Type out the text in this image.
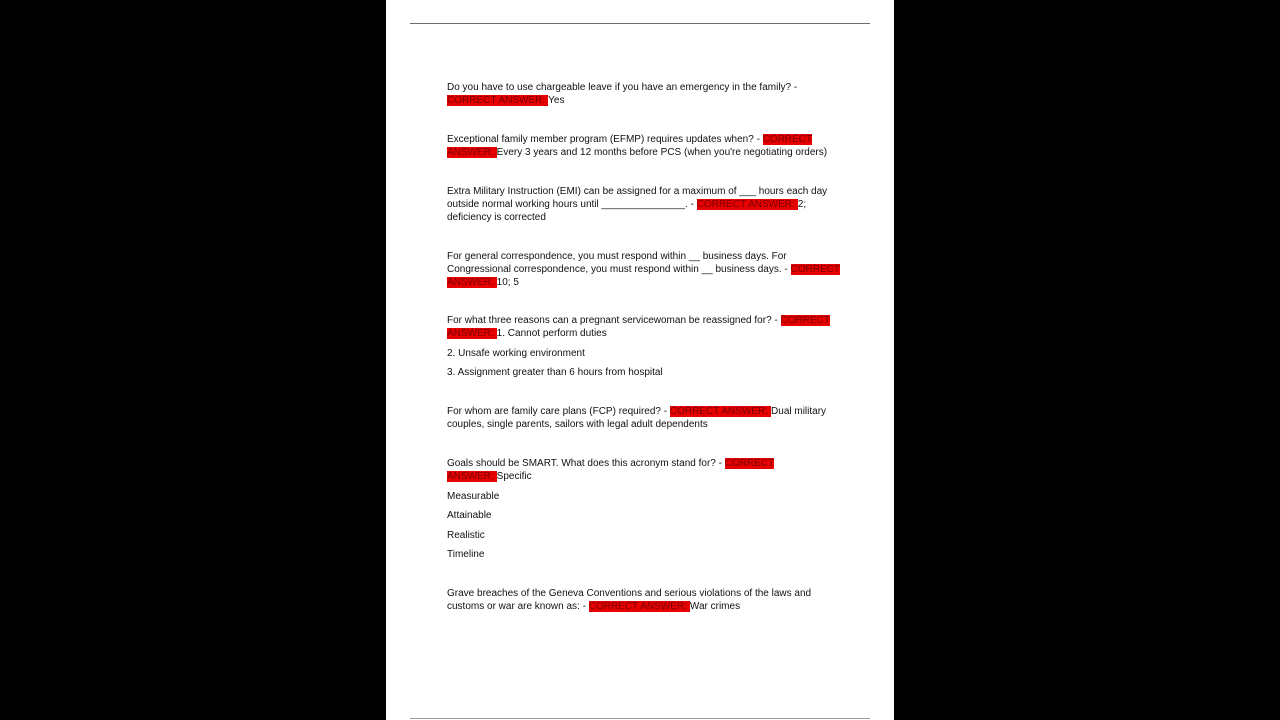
Do you have to use chargeable leave if you have an emergency in the family? - CORRECT ANSWER: Yes

Exceptional family member program (EFMP) requires updates when? - CORRECT ANSWER: Every 3 years and 12 months before PCS (when you're negotiating orders)

Extra Military Instruction (EMI) can be assigned for a maximum of ___ hours each day outside normal working hours until _______________. - CORRECT ANSWER: 2; deficiency is corrected

For general correspondence, you must respond within __ business days. For Congressional correspondence, you must respond within __ business days. - CORRECT ANSWER: 10; 5

For what three reasons can a pregnant servicewoman be reassigned for? - CORRECT ANSWER: 1. Cannot perform duties

2. Unsafe working environment

3. Assignment greater than 6 hours from hospital

For whom are family care plans (FCP) required? - CORRECT ANSWER: Dual military couples, single parents, sailors with legal adult dependents

Goals should be SMART. What does this acronym stand for? - CORRECT ANSWER: Specific

Measurable

Attainable

Realistic

Timeline

Grave breaches of the Geneva Conventions and serious violations of the laws and customs or war are known as: - CORRECT ANSWER: War crimes
